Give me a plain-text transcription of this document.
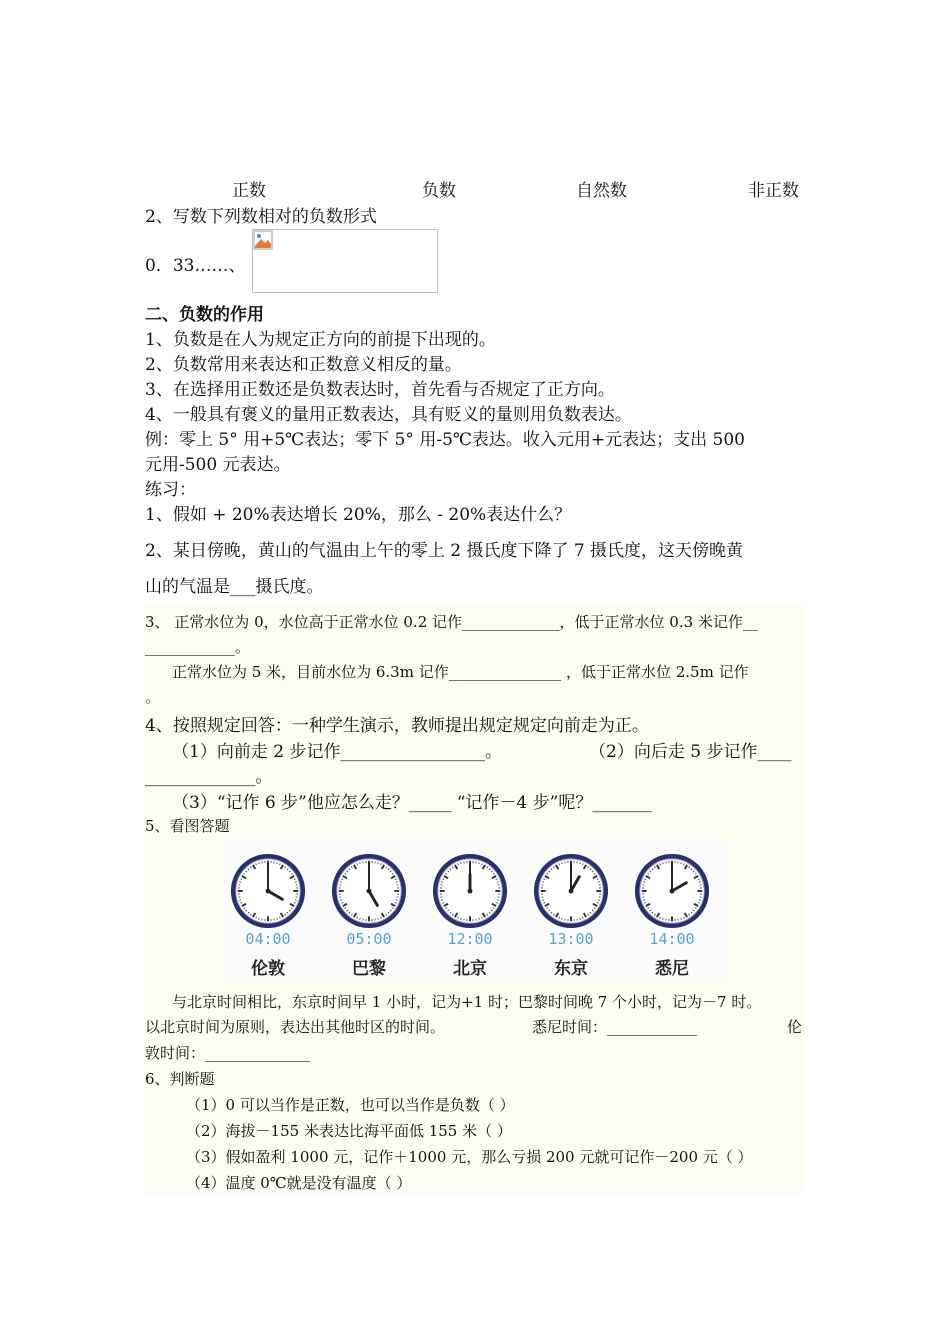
正数	负数	自然数	非正数
2、写数下列数相对的负数形式
0．33……、
二、负数的作用
1、负数是在人为规定正方向的前提下出现的。
2、负数常用来表达和正数意义相反的量。
3、在选择用正数还是负数表达时，首先看与否规定了正方向。
4、一般具有褒义的量用正数表达，具有贬义的量则用负数表达。
例：零上 5° 用+5℃表达；零下 5° 用-5℃表达。收入元用+元表达；支出 500
元用-500 元表达。
练习：
1、假如 + 20%表达增长 20%，那么 - 20%表达什么？
2、某日傍晚，黄山的气温由上午的零上 2 摄氏度下降了 7 摄氏度，这天傍晚黄
山的气温是___摄氏度。
3、 正常水位为 0，水位高于正常水位 0.2 记作_____________，低于正常水位 0.3 米记作__
____________。
正常水位为 5 米，目前水位为 6.3m 记作_______________ ，低于正常水位 2.5m 记作
。
4、按照规定回答：一种学生演示，教师提出规定规定向前走为正。
（1）向前走 2 步记作_________________。	（2）向后走 5 步记作____
_____________。
（3）“记作 6 步”他应怎么走？_____ “记作－4 步”呢？_______
5、看图答题
04:00
伦敦
05:00
巴黎
12:00
北京
13:00
东京
14:00
悉尼
与北京时间相比，东京时间早 1 小时，记为+1 时；巴黎时间晚 7 个小时，记为－7 时。
以北京时间为原则，表达出其他时区的时间。	悉尼时间：____________	伦
敦时间：______________
6、判断题
（1）0 可以当作是正数，也可以当作是负数（ ）
（2）海拔－155 米表达比海平面低 155 米（ ）
（3）假如盈利 1000 元，记作＋1000 元，那么亏损 200 元就可记作－200 元（ ）
（4）温度 0℃就是没有温度（ ）
